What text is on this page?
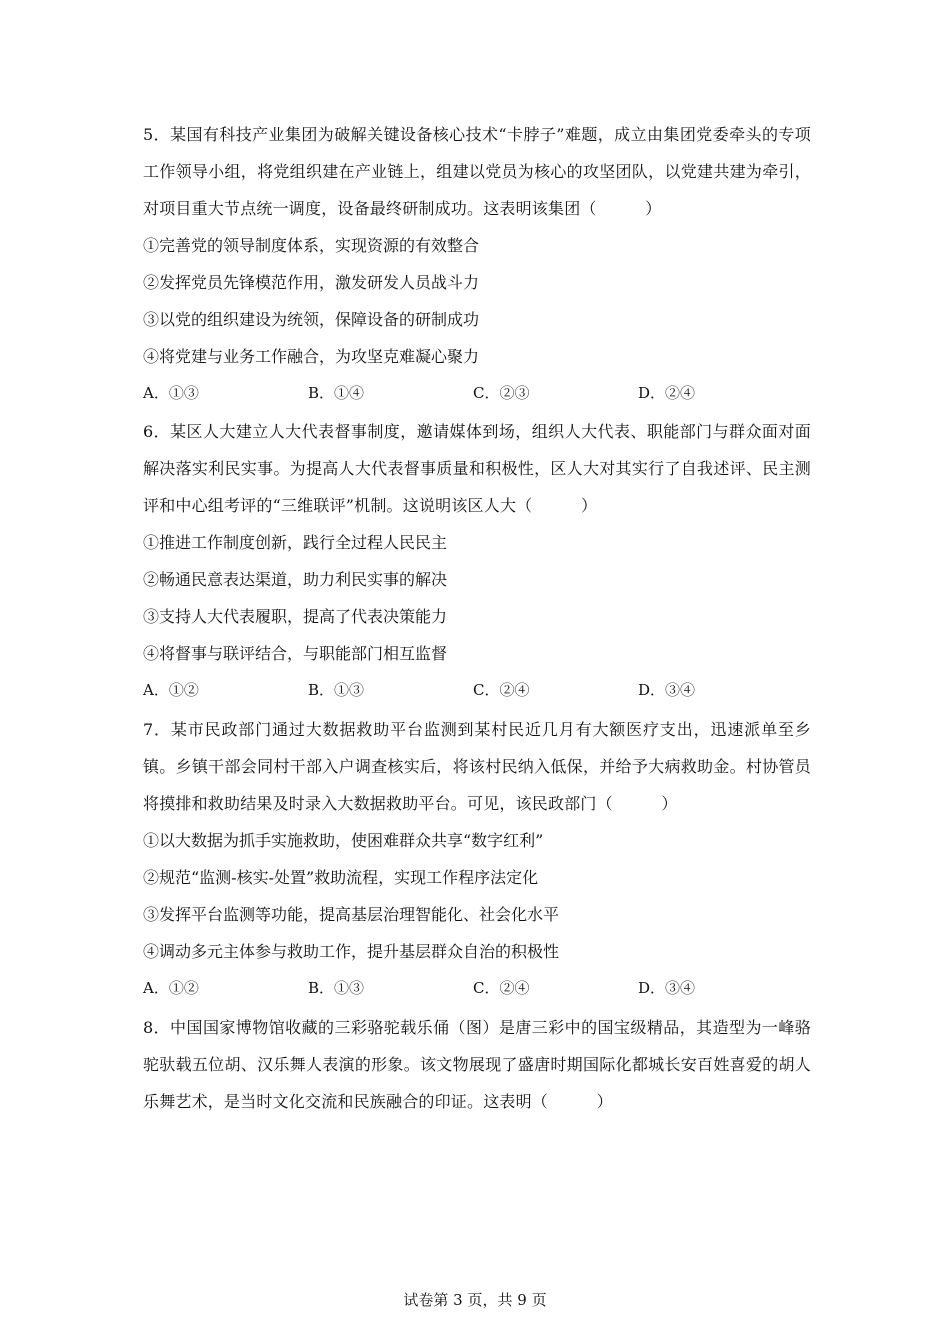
5．某国有科技产业集团为破解关键设备核心技术“卡脖子”难题，成立由集团党委牵头的专项工作领导小组，将党组织建在产业链上，组建以党员为核心的攻坚团队，以党建共建为牵引，对项目重大节点统一调度，设备最终研制成功。这表明该集团（　　　）

①完善党的领导制度体系，实现资源的有效整合

②发挥党员先锋模范作用，激发研发人员战斗力

③以党的组织建设为统领，保障设备的研制成功

④将党建与业务工作融合，为攻坚克难凝心聚力

A．①③	B．①④	C．②③	D．②④

6．某区人大建立人大代表督事制度，邀请媒体到场，组织人大代表、职能部门与群众面对面解决落实利民实事。为提高人大代表督事质量和积极性，区人大对其实行了自我述评、民主测评和中心组考评的“三维联评”机制。这说明该区人大（　　　）

①推进工作制度创新，践行全过程人民民主

②畅通民意表达渠道，助力利民实事的解决

③支持人大代表履职，提高了代表决策能力

④将督事与联评结合，与职能部门相互监督

A．①②	B．①③	C．②④	D．③④

7．某市民政部门通过大数据救助平台监测到某村民近几月有大额医疗支出，迅速派单至乡镇。乡镇干部会同村干部入户调查核实后，将该村民纳入低保，并给予大病救助金。村协管员将摸排和救助结果及时录入大数据救助平台。可见，该民政部门（　　　）

①以大数据为抓手实施救助，使困难群众共享“数字红利”

②规范“监测-核实-处置”救助流程，实现工作程序法定化

③发挥平台监测等功能，提高基层治理智能化、社会化水平

④调动多元主体参与救助工作，提升基层群众自治的积极性

A．①②	B．①③	C．②④	D．③④

8．中国国家博物馆收藏的三彩骆驼载乐俑（图）是唐三彩中的国宝级精品，其造型为一峰骆驼驮载五位胡、汉乐舞人表演的形象。该文物展现了盛唐时期国际化都城长安百姓喜爱的胡人乐舞艺术，是当时文化交流和民族融合的印证。这表明（　　　）

试卷第 3 页，共 9 页
